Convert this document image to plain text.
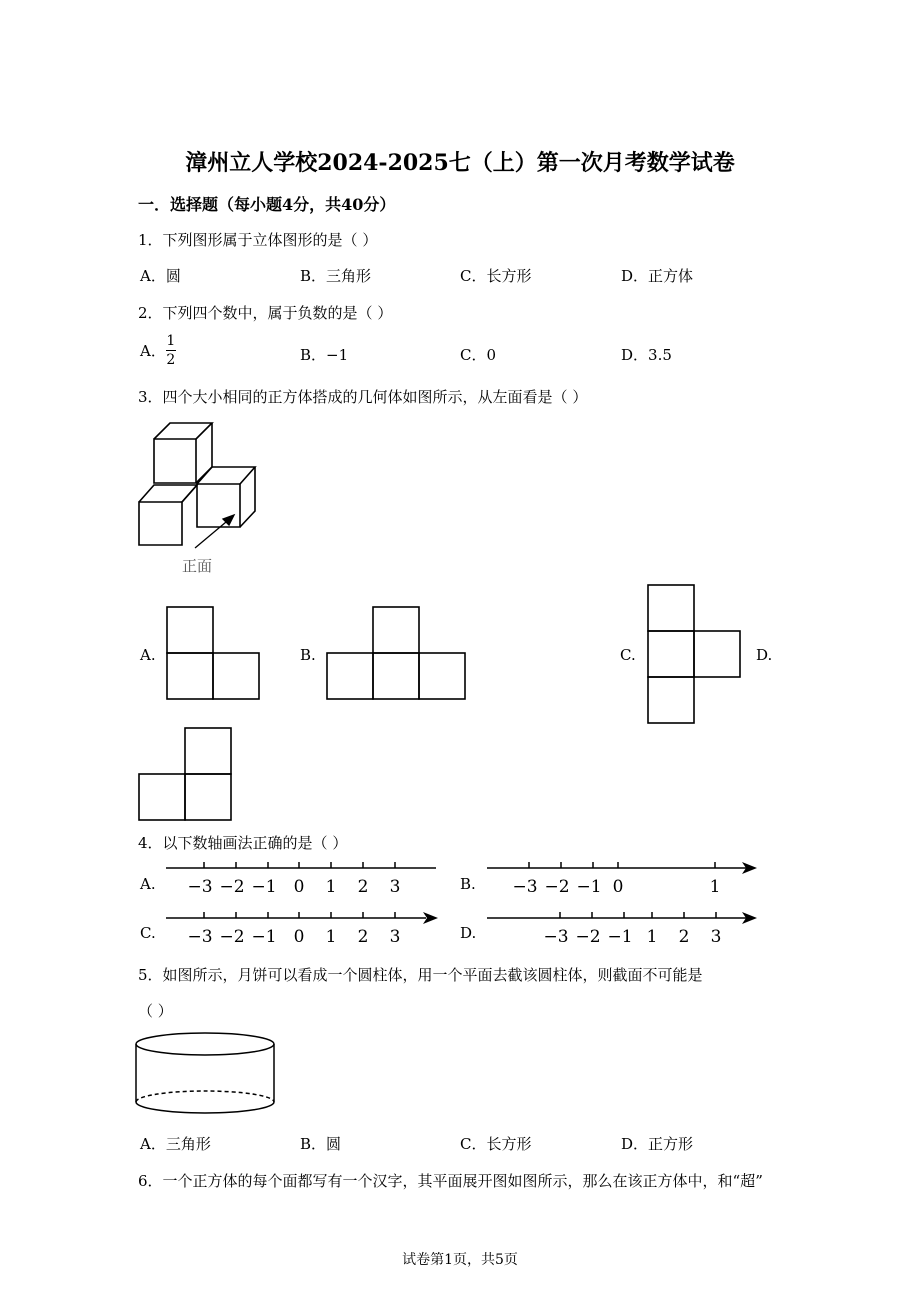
漳州立人学校2024-2025七（上）第一次月考数学试卷
一．选择题（每小题4分，共40分）
1．下列图形属于立体图形的是（ ）
A．圆	B．三角形	C．长方形	D．正方体
2．下列四个数中，属于负数的是（ ）
A． $\frac{1}{2}$	B．−1	C．0	D．3.5
3．四个大小相同的正方体搭成的几何体如图所示，从左面看是（ ）
正面
A.	B.	C.	D.
4．以下数轴画法正确的是（ ）
A. −3 −2 −1 0 1 2 3	B. −3 −2 −1 0	1
C. −3 −2 −1 0 1 2 3	D.	−3 −2 −1 1 2 3
5．如图所示，月饼可以看成一个圆柱体，用一个平面去截该圆柱体，则截面不可能是
（ ）
A．三角形	B．圆	C．长方形	D．正方形
6．一个正方体的每个面都写有一个汉字，其平面展开图如图所示，那么在该正方体中，和“超”
试卷第1页，共5页
